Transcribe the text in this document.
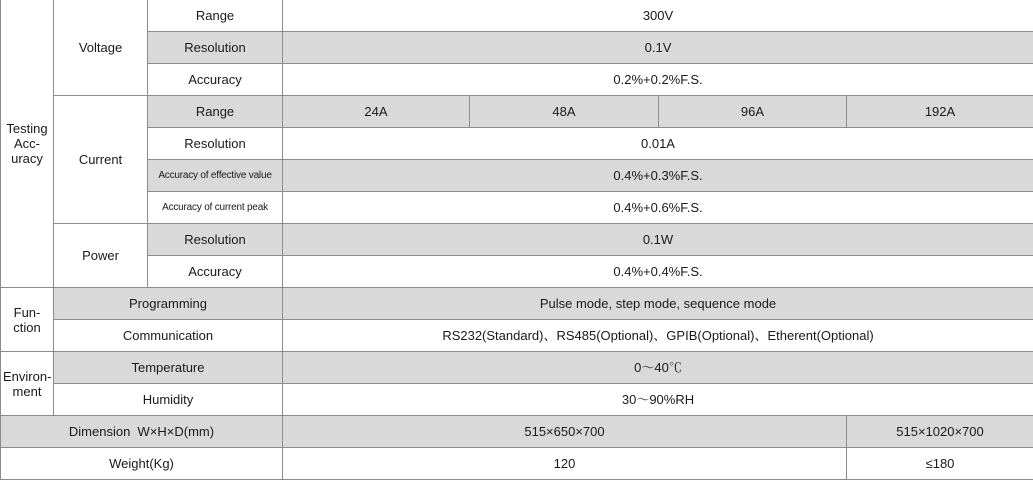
Testing
Acc-
uracy	Voltage	Range	300V			
		Resolution	0.1V			
		Accuracy	0.2%+0.2%F.S.			
	Current	Range	24A	48A	96A	192A
		Resolution	0.01A			
		Accuracy of effective value	0.4%+0.3%F.S.			
		Accuracy of current peak	0.4%+0.6%F.S.			
	Power	Resolution	0.1W			
		Accuracy	0.4%+0.4%F.S.			
Fun-
ction	Programming		Pulse mode, step mode, sequence mode			
	Communication		RS232(Standard)、RS485(Optional)、GPIB(Optional)、Etherent(Optional)			
Environ-
ment	Temperature		0～40℃			
	Humidity		30～90%RH			
Dimension  W×H×D(mm)			515×650×700			515×1020×700
Weight(Kg)			120			≤180
